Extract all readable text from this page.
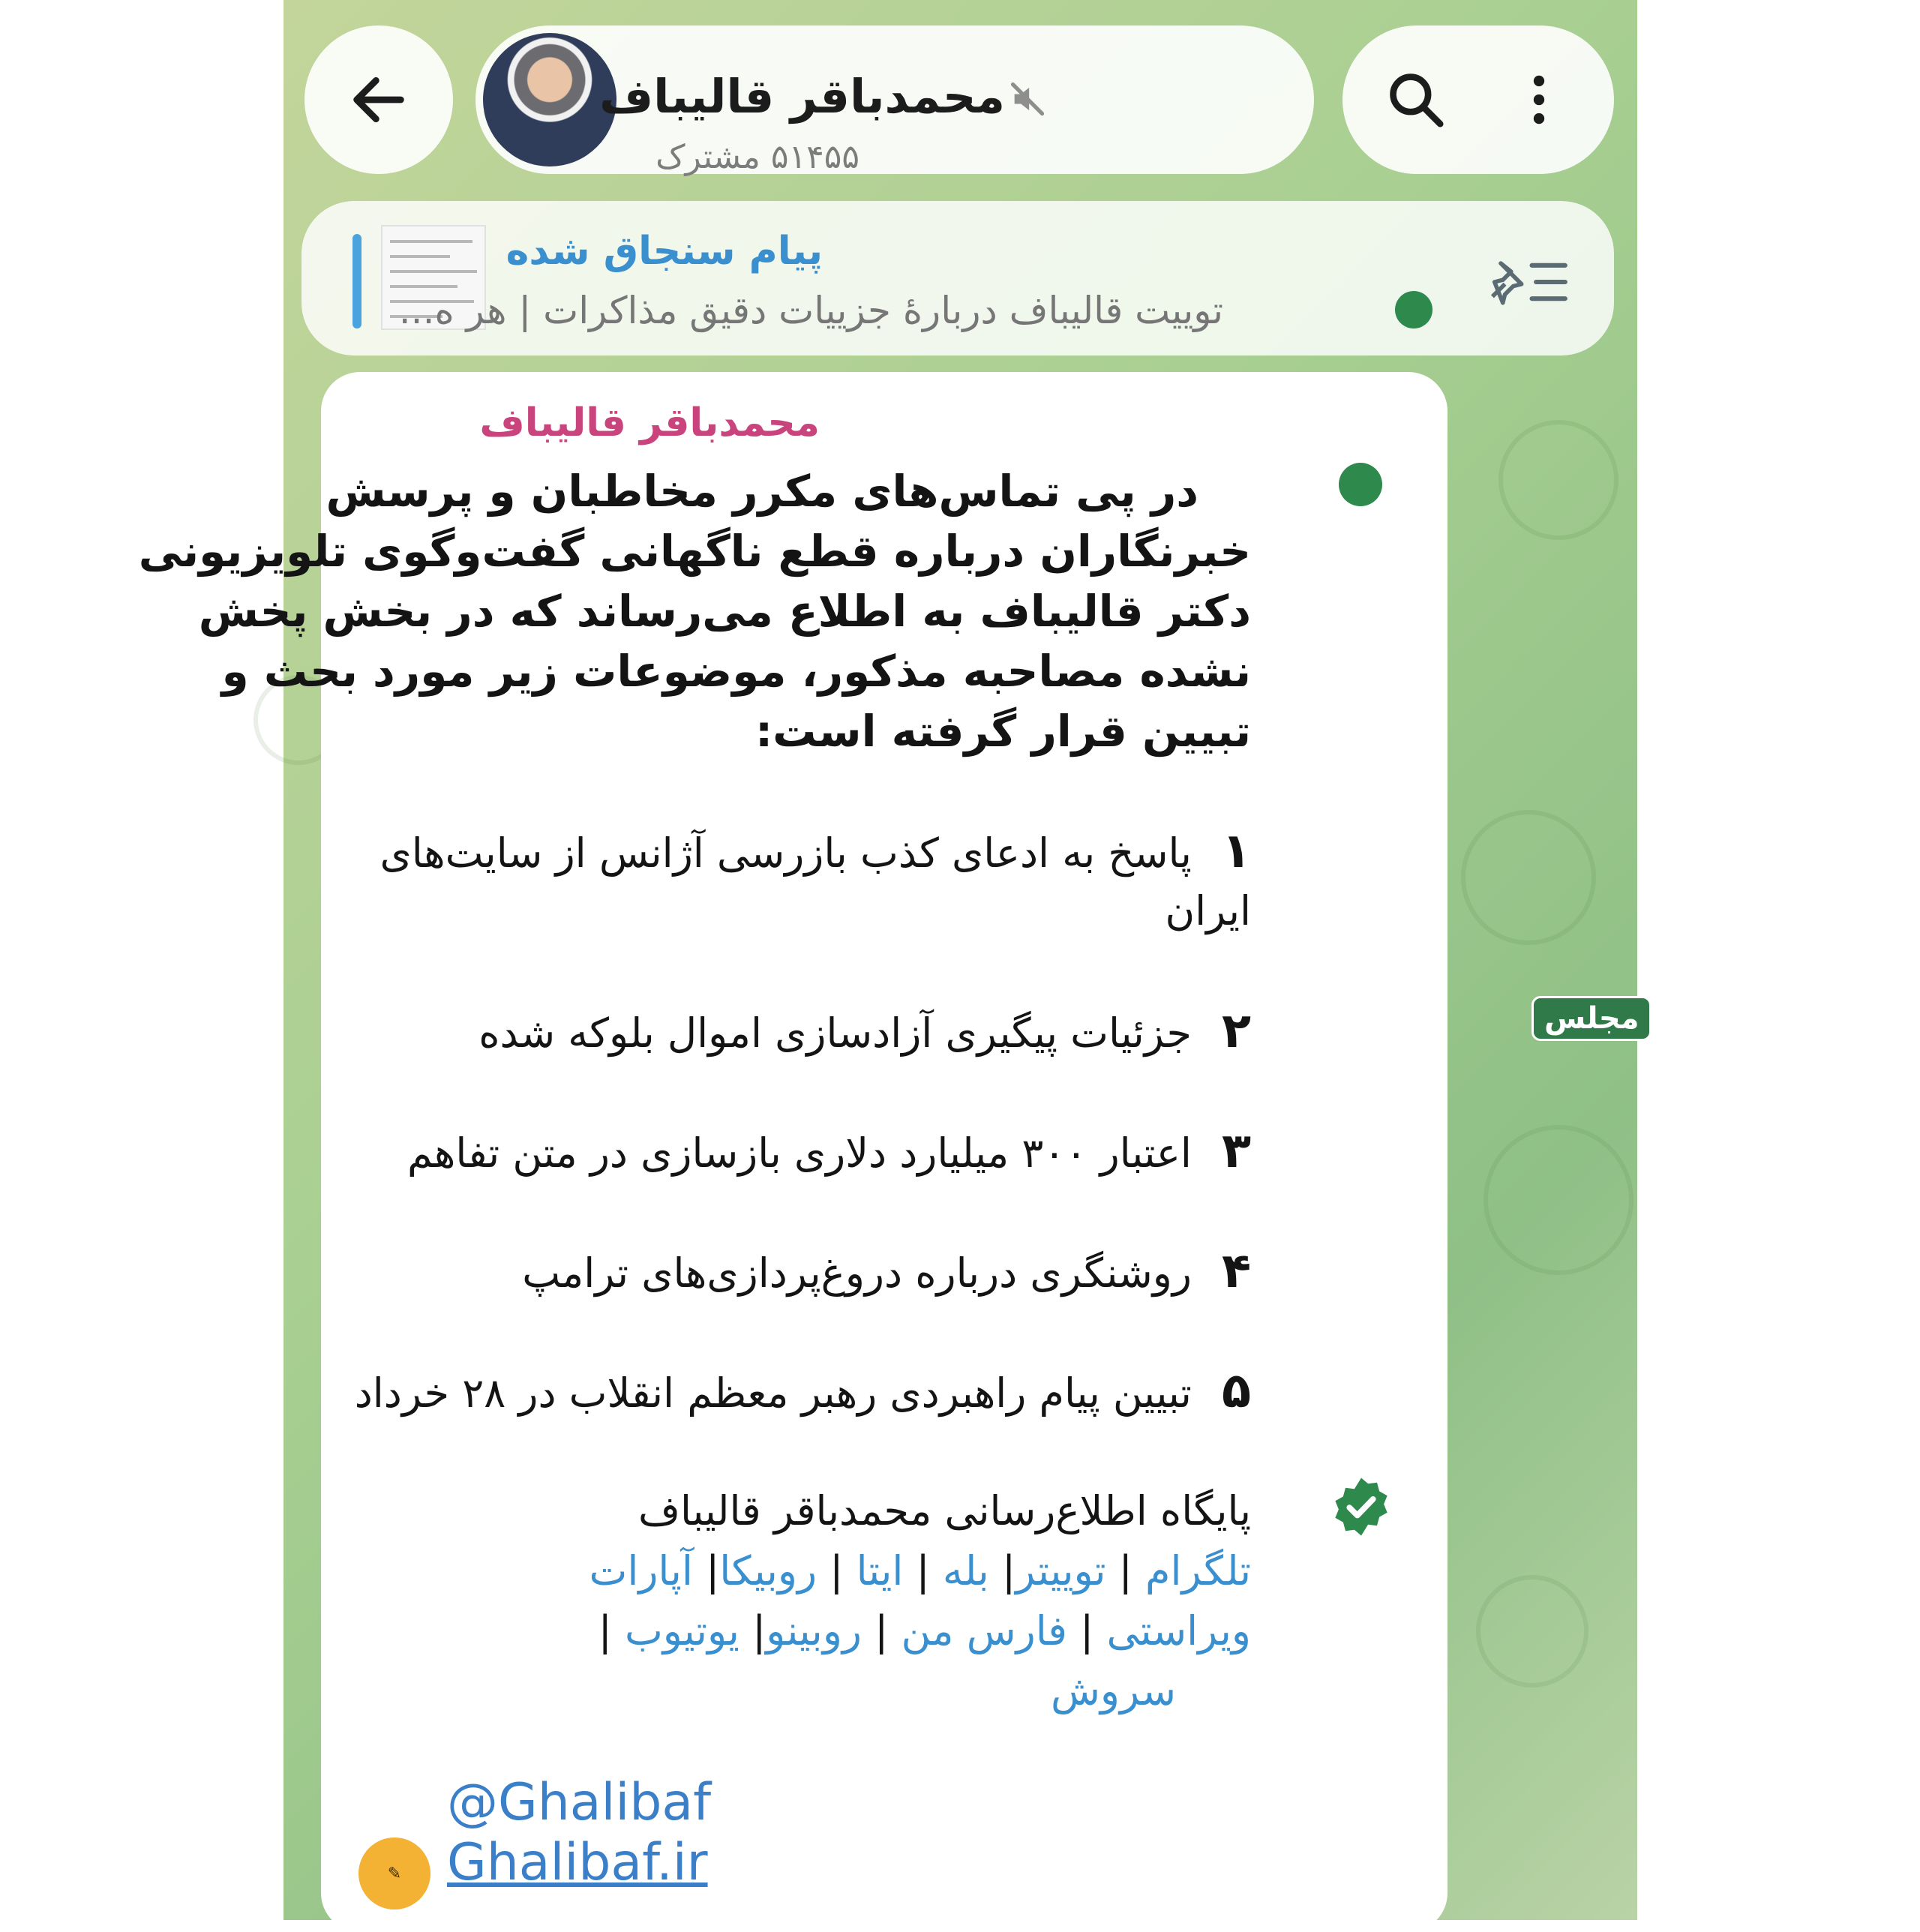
محمدباقر قالیباف
۵۱۴۵۵ مشترک
پیام سنجاق شده
توییت قالیباف دربارهٔ جزییات دقیق مذاکرات | هر ه...
محمدباقر قالیباف
در پی تماس‌های مکرر مخاطبان و پرسش
خبرنگاران درباره قطع ناگهانی گفت‌وگوی تلویزیونی
دکتر قالیباف به اطلاع می‌رساند که در بخش پخش
نشده مصاحبه مذکور، موضوعات زیر مورد بحث و
تبیین قرار گرفته است:
۱پاسخ به ادعای کذب بازرسی آژانس از سایت‌های
ایران
۲جزئیات پیگیری آزادسازی اموال بلوکه شده
۳اعتبار ۳۰۰ میلیارد دلاری بازسازی در متن تفاهم
۴روشنگری درباره دروغ‌پردازی‌های ترامپ
۵تبیین پیام راهبردی رهبر معظم انقلاب در ۲۸ خرداد
پایگاه اطلاع‌رسانی محمدباقر قالیباف
تلگرام | توییتر| بله | ایتا | روبیکا| آپارات
ویراستی | فارس من | روبینو| یوتیوب |
سروش
@Ghalibaf
Ghalibaf.ir
✎
مجلس اخبار
